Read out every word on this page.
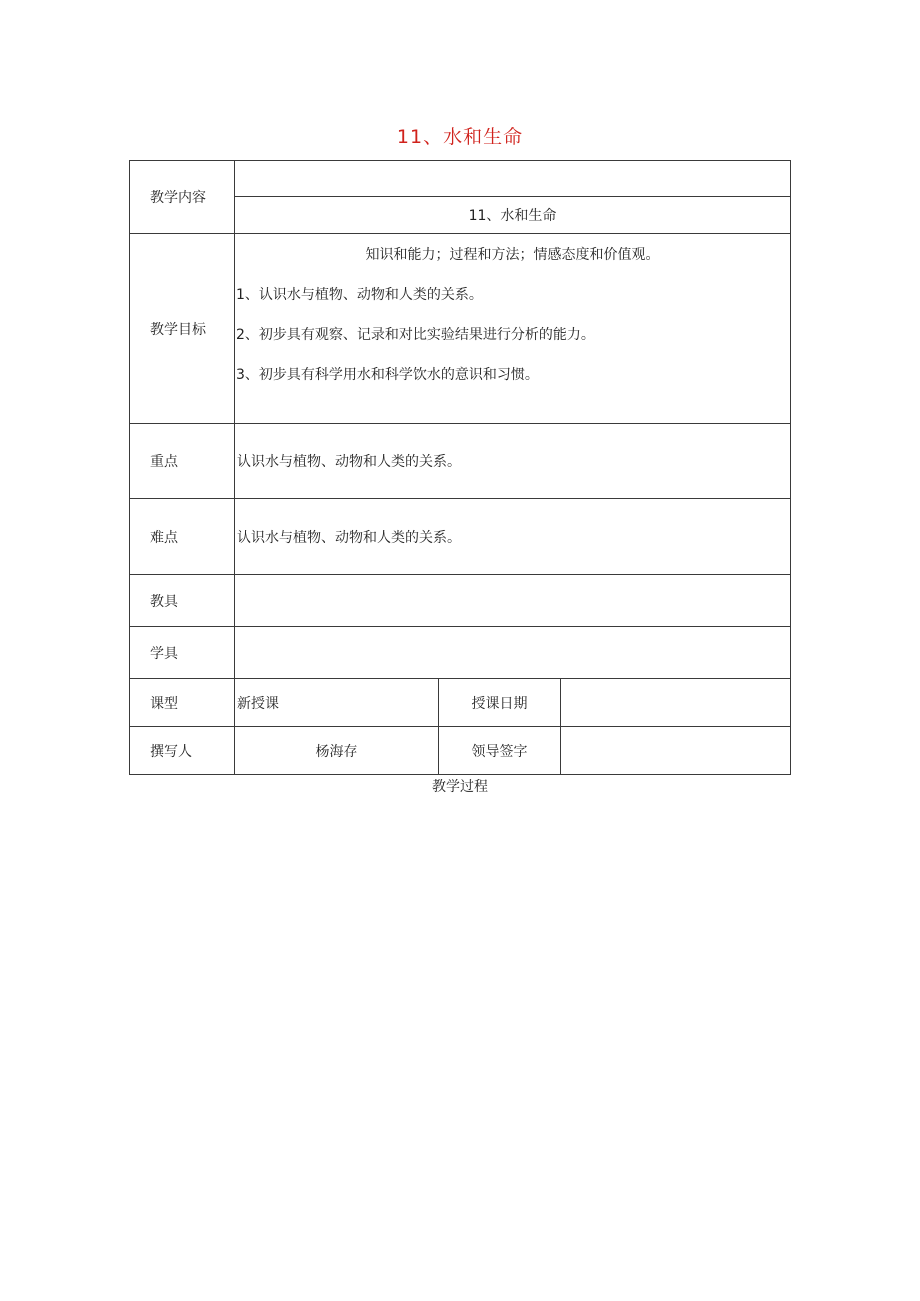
11、水和生命
教学内容			
	11、水和生命		
教学目标	知识和能力；过程和方法；情感态度和价值观。
1、认识水与植物、动物和人类的关系。
2、初步具有观察、记录和对比实验结果进行分析的能力。
3、初步具有科学用水和科学饮水的意识和习惯。		

重点	认识水与植物、动物和人类的关系。		
难点	认识水与植物、动物和人类的关系。		
教具			
学具			
课型	新授课	授课日期	
撰写人	杨海存	领导签字	
教学过程
